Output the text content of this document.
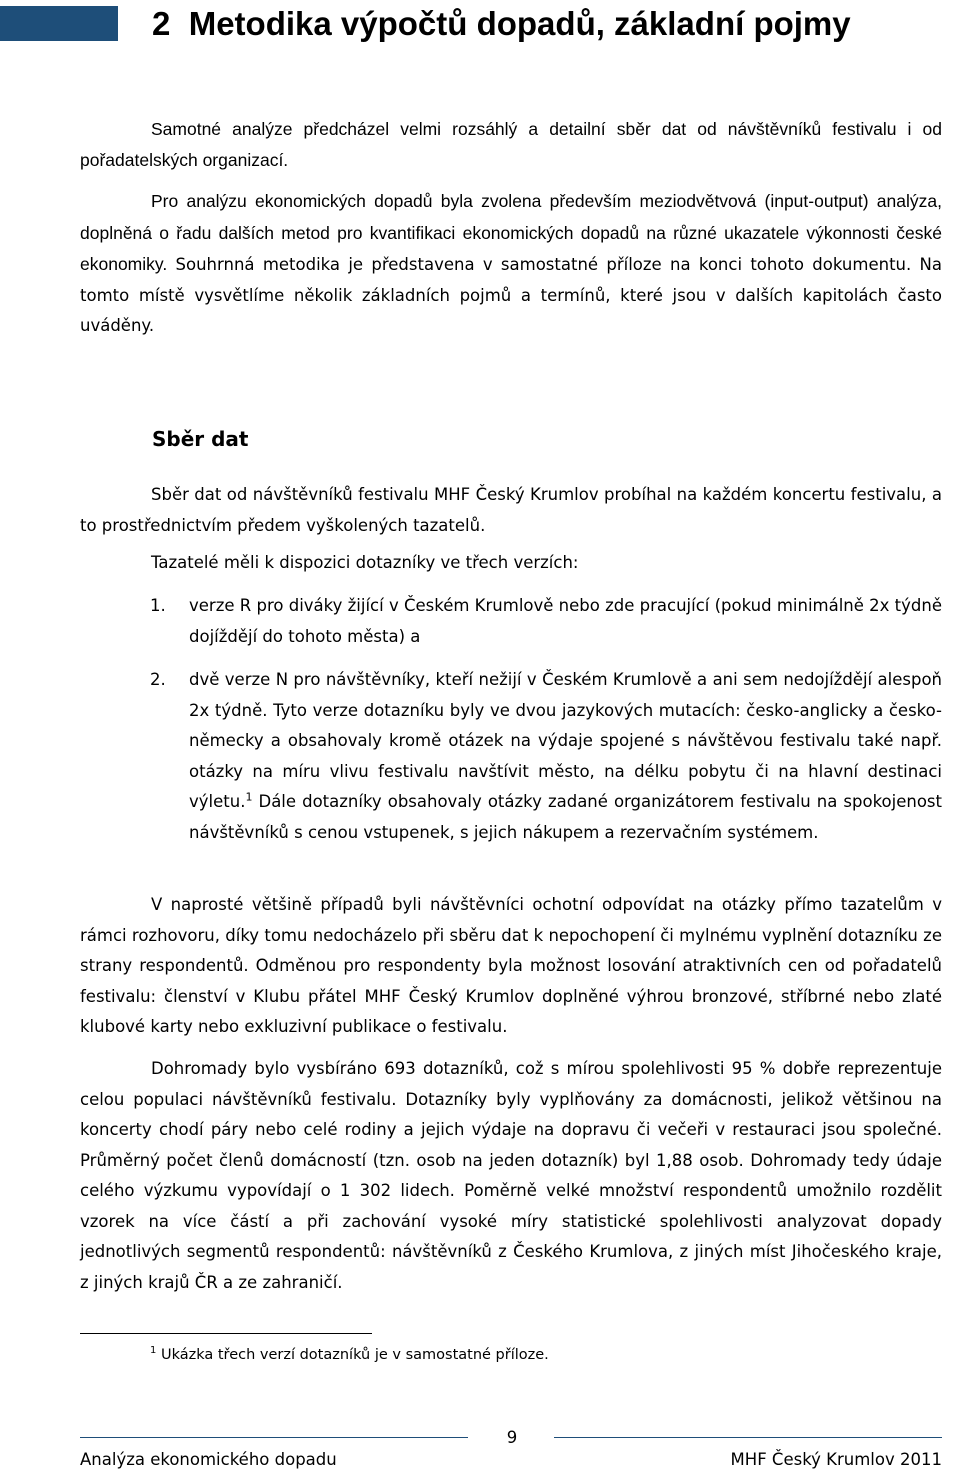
2 Metodika výpočtů dopadů, základní pojmy

Samotné analýze předcházel velmi rozsáhlý a detailní sběr dat od návštěvníků festivalu i od pořadatelských organizací.

Pro analýzu ekonomických dopadů byla zvolena především meziodvětvová (input-output) analýza, doplněná o řadu dalších metod pro kvantifikaci ekonomických dopadů na různé ukazatele výkonnosti české ekonomiky. Souhrnná metodika je představena v samostatné příloze na konci tohoto dokumentu. Na tomto místě vysvětlíme několik základních pojmů a termínů, které jsou v dalších kapitolách často uváděny.

Sběr dat

Sběr dat od návštěvníků festivalu MHF Český Krumlov probíhal na každém koncertu festivalu, a to prostřednictvím předem vyškolených tazatelů.

Tazatelé měli k dispozici dotazníky ve třech verzích:

1.	verze R pro diváky žijící v Českém Krumlově nebo zde pracující (pokud minimálně 2x týdně dojíždějí do tohoto města) a
2.	dvě verze N pro návštěvníky, kteří nežijí v Českém Krumlově a ani sem nedojíždějí alespoň 2x týdně. Tyto verze dotazníku byly ve dvou jazykových mutacích: česko-anglicky a česko- německy a obsahovaly kromě otázek na výdaje spojené s návštěvou festivalu také např. otázky na míru vlivu festivalu navštívit město, na délku pobytu či na hlavní destinaci výletu.$^1$ Dále dotazníky obsahovaly otázky zadané organizátorem festivalu na spokojenost návštěvníků s cenou vstupenek, s jejich nákupem a rezervačním systémem.

V naprosté většině případů byli návštěvníci ochotní odpovídat na otázky přímo tazatelům v rámci rozhovoru, díky tomu nedocházelo při sběru dat k nepochopení či mylnému vyplnění dotazníku ze strany respondentů. Odměnou pro respondenty byla možnost losování atraktivních cen od pořadatelů festivalu: členství v Klubu přátel MHF Český Krumlov doplněné výhrou bronzové, stříbrné nebo zlaté klubové karty nebo exkluzivní publikace o festivalu.

Dohromady bylo vysbíráno 693 dotazníků, což s mírou spolehlivosti 95 % dobře reprezentuje celou populaci návštěvníků festivalu. Dotazníky byly vyplňovány za domácnosti, jelikož většinou na koncerty chodí páry nebo celé rodiny a jejich výdaje na dopravu či večeři v restauraci jsou společné. Průměrný počet členů domácností (tzn. osob na jeden dotazník) byl 1,88 osob. Dohromady tedy údaje celého výzkumu vypovídají o 1 302 lidech. Poměrně velké množství respondentů umožnilo rozdělit vzorek na více částí a při zachování vysoké míry statistické spolehlivosti analyzovat dopady jednotlivých segmentů respondentů: návštěvníků z Českého Krumlova, z jiných míst Jihočeského kraje, z jiných krajů ČR a ze zahraničí.

$^1$ Ukázka třech verzí dotazníků je v samostatné příloze.

9
Analýza ekonomického dopadu	MHF Český Krumlov 2011
